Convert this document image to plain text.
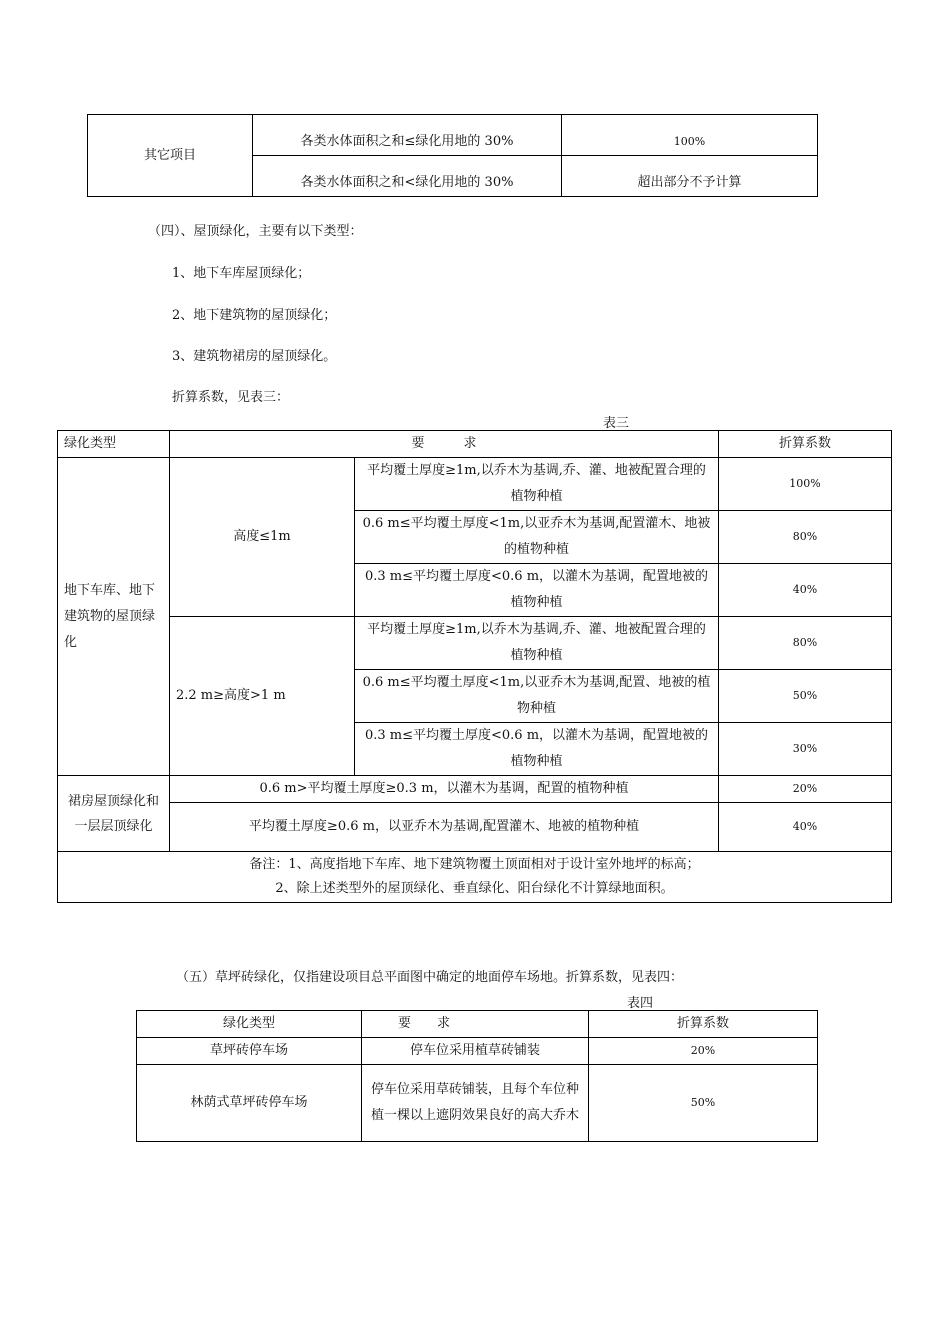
其它项目	各类水体面积之和≤绿化用地的 30%	100%
	各类水体面积之和<绿化用地的 30%	超出部分不予计算
（四）、屋顶绿化，主要有以下类型：
1、地下车库屋顶绿化；
2、地下建筑物的屋顶绿化；
3、建筑物裙房的屋顶绿化。
折算系数，见表三：
表三
绿化类型	要　　　求		折算系数
地下车库、地下建筑物的屋顶绿化	高度≤1m	平均覆土厚度≥1m,以乔木为基调,乔、灌、地被配置合理的植物种植	100%
		0.6 m≤平均覆土厚度<1m,以亚乔木为基调,配置灌木、地被的植物种植	80%
		0.3 m≤平均覆土厚度<0.6 m，以灌木为基调，配置地被的植物种植	40%
	2.2 m≥高度>1 m	平均覆土厚度≥1m,以乔木为基调,乔、灌、地被配置合理的植物种植	80%
		0.6 m≤平均覆土厚度<1m,以亚乔木为基调,配置、地被的植物种植	50%
		0.3 m≤平均覆土厚度<0.6 m，以灌木为基调，配置地被的植物种植	30%
裙房屋顶绿化和一层层顶绿化	0.6 m>平均覆土厚度≥0.3 m，以灌木为基调，配置的植物种植		20%
	平均覆土厚度≥0.6 m，以亚乔木为基调,配置灌木、地被的植物种植		40%

备注：1、高度指地下车库、地下建筑物覆土顶面相对于设计室外地坪的标高；
2、除上述类型外的屋顶绿化、垂直绿化、阳台绿化不计算绿地面积。			
（五）草坪砖绿化，仅指建设项目总平面图中确定的地面停车场地。折算系数，见表四：
表四
绿化类型	要　　求	折算系数
草坪砖停车场	停车位采用植草砖铺装	20%
林荫式草坪砖停车场	停车位采用草砖铺装，且每个车位种植一棵以上遮阴效果良好的高大乔木	50%
